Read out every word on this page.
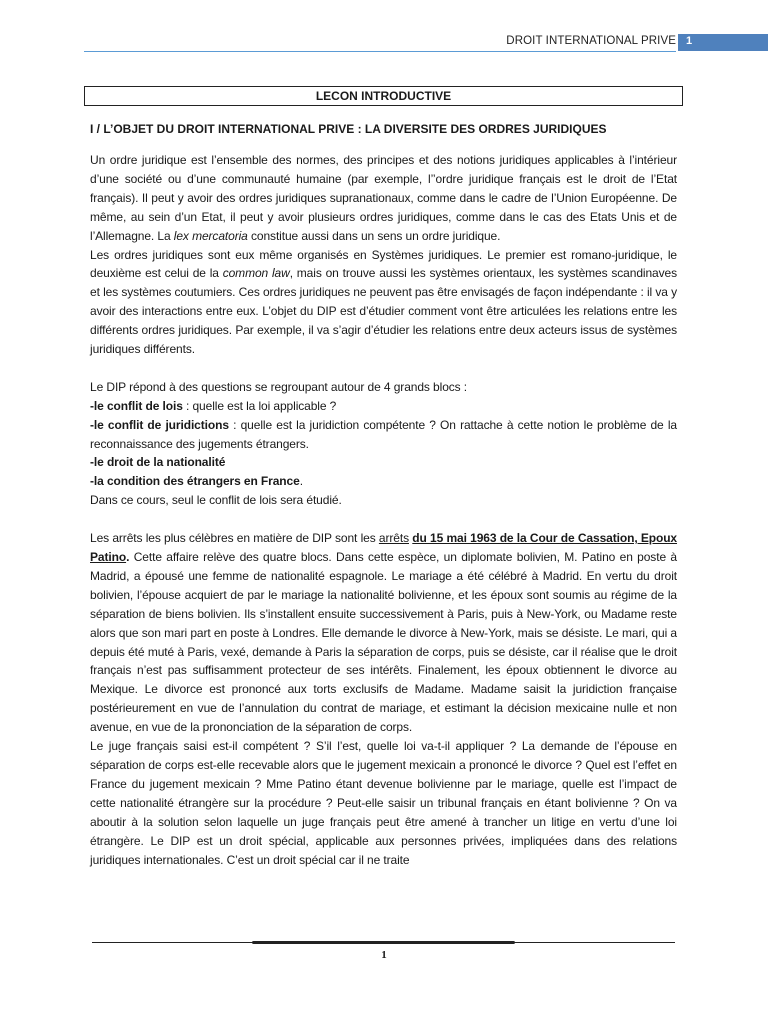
DROIT INTERNATIONAL PRIVE 1
LECON INTRODUCTIVE
I / L’OBJET DU DROIT INTERNATIONAL PRIVE : LA DIVERSITE DES ORDRES JURIDIQUES

Un ordre juridique est l’ensemble des normes, des principes et des notions juridiques applicables à l’intérieur d’une société ou d’une communauté humaine (par exemple, l’’ordre juridique français est le droit de l’Etat français). Il peut y avoir des ordres juridiques supranationaux, comme dans le cadre de l’Union Européenne. De même, au sein d’un Etat, il peut y avoir plusieurs ordres juridiques, comme dans le cas des Etats Unis et de l’Allemagne. La lex mercatoria constitue aussi dans un sens un ordre juridique.

Les ordres juridiques sont eux même organisés en Systèmes juridiques. Le premier est romano-juridique, le deuxième est celui de la common law, mais on trouve aussi les systèmes orientaux, les systèmes scandinaves et les systèmes coutumiers. Ces ordres juridiques ne peuvent pas être envisagés de façon indépendante : il va y avoir des interactions entre eux. L’objet du DIP est d’étudier comment vont être articulées les relations entre les différents ordres juridiques. Par exemple, il va s’agir d’étudier les relations entre deux acteurs issus de systèmes juridiques différents.

Le DIP répond à des questions se regroupant autour de 4 grands blocs :

-le conflit de lois : quelle est la loi applicable ?

-le conflit de juridictions : quelle est la juridiction compétente ? On rattache à cette notion le problème de la reconnaissance des jugements étrangers.

-le droit de la nationalité

-la condition des étrangers en France.

Dans ce cours, seul le conflit de lois sera étudié.

Les arrêts les plus célèbres en matière de DIP sont les arrêts du 15 mai 1963 de la Cour de Cassation, Epoux Patino. Cette affaire relève des quatre blocs. Dans cette espèce, un diplomate bolivien, M. Patino en poste à Madrid, a épousé une femme de nationalité espagnole. Le mariage a été célébré à Madrid. En vertu du droit bolivien, l’épouse acquiert de par le mariage la nationalité bolivienne, et les époux sont soumis au régime de la séparation de biens bolivien. Ils s’installent ensuite successivement à Paris, puis à New-York, ou Madame reste alors que son mari part en poste à Londres. Elle demande le divorce à New-York, mais se désiste. Le mari, qui a depuis été muté à Paris, vexé, demande à Paris la séparation de corps, puis se désiste, car il réalise que le droit français n’est pas suffisamment protecteur de ses intérêts. Finalement, les époux obtiennent le divorce au Mexique. Le divorce est prononcé aux torts exclusifs de Madame. Madame saisit la juridiction française postérieurement en vue de l’annulation du contrat de mariage, et estimant la décision mexicaine nulle et non avenue, en vue de la prononciation de la séparation de corps.

Le juge français saisi est-il compétent ? S’il l’est, quelle loi va-t-il appliquer ? La demande de l’épouse en séparation de corps est-elle recevable alors que le jugement mexicain a prononcé le divorce ? Quel est l’effet en France du jugement mexicain ? Mme Patino étant devenue bolivienne par le mariage, quelle est l’impact de cette nationalité étrangère sur la procédure ? Peut-elle saisir un tribunal français en étant bolivienne ? On va aboutir à la solution selon laquelle un juge français peut être amené à trancher un litige en vertu d’une loi étrangère. Le DIP est un droit spécial, applicable aux personnes privées, impliquées dans des relations juridiques internationales. C’est un droit spécial car il ne traite

1
